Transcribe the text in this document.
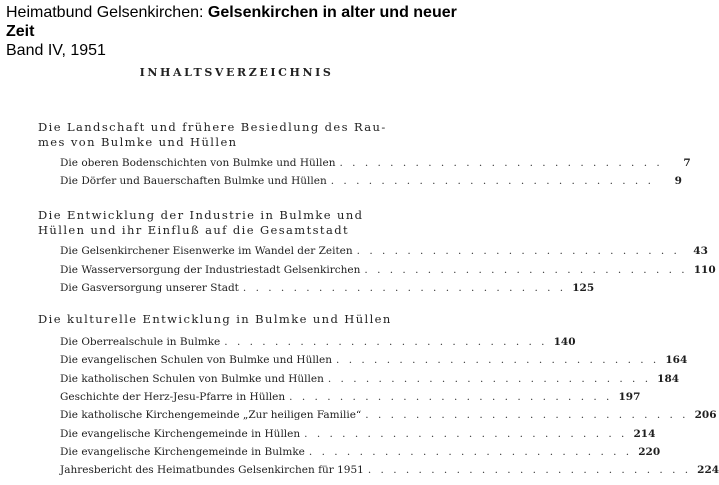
Heimatbund Gelsenkirchen: Gelsenkirchen in alter und neuer Zeit
Band IV, 1951
INHALTSVERZEICHNIS
Die Landschaft und frühere Besiedlung des Rau-
mes von Bulmke und Hüllen
Die oberen Bodenschichten von Bulmke und Hüllen . . . . . . . . . . . . . . . . . . . . . . . . . .	7
Die Dörfer und Bauerschaften Bulmke und Hüllen . . . . . . . . . . . . . . . . . . . . . . . . . .	9
Die Entwicklung der Industrie in Bulmke und
Hüllen und ihr Einfluß auf die Gesamtstadt
Die Gelsenkirchener Eisenwerke im Wandel der Zeiten . . . . . . . . . . . . . . . . . . . . . . . . . .	43
Die Wasserversorgung der Industriestadt Gelsenkirchen . . . . . . . . . . . . . . . . . . . . . . . . . . 110
Die Gasversorgung unserer Stadt . . . . . . . . . . . . . . . . . . . . . . . . . . 125
Die kulturelle Entwicklung in Bulmke und Hüllen
Die Oberrealschule in Bulmke . . . . . . . . . . . . . . . . . . . . . . . . . . 140
Die evangelischen Schulen von Bulmke und Hüllen . . . . . . . . . . . . . . . . . . . . . . . . . . 164
Die katholischen Schulen von Bulmke und Hüllen . . . . . . . . . . . . . . . . . . . . . . . . . . 184
Geschichte der Herz-Jesu-Pfarre in Hüllen . . . . . . . . . . . . . . . . . . . . . . . . . . 197
Die katholische Kirchengemeinde „Zur heiligen Familie“ . . . . . . . . . . . . . . . . . . . . . . . . . . 206
Die evangelische Kirchengemeinde in Hüllen . . . . . . . . . . . . . . . . . . . . . . . . . . 214
Die evangelische Kirchengemeinde in Bulmke . . . . . . . . . . . . . . . . . . . . . . . . . . 220
Jahresbericht des Heimatbundes Gelsenkirchen für 1951 . . . . . . . . . . . . . . . . . . . . . . . . . . 224
